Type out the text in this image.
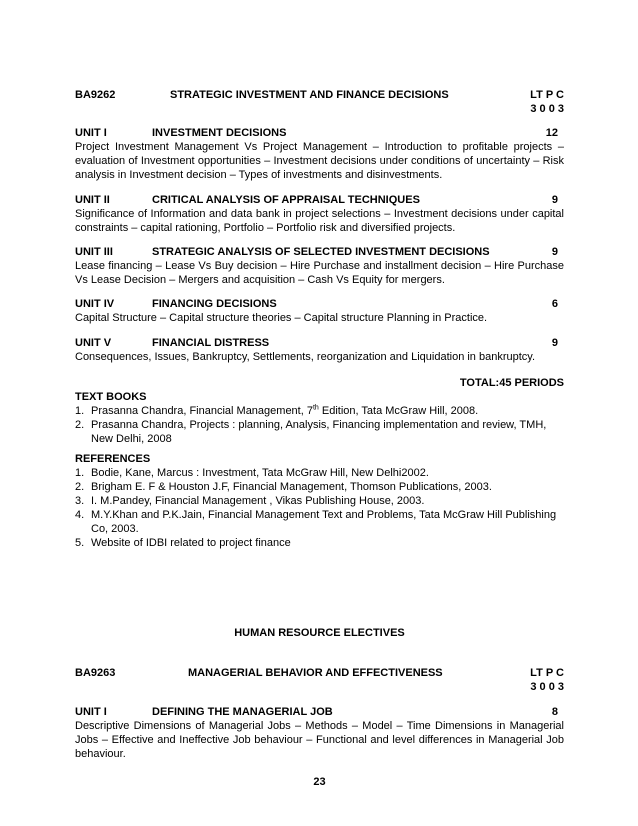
BA9262	STRATEGIC INVESTMENT AND FINANCE DECISIONS	LT P C
3 0 0 3
UNIT I	INVESTMENT DECISIONS	12

Project Investment Management Vs Project Management – Introduction to profitable projects – evaluation of Investment opportunities – Investment decisions under conditions of uncertainty – Risk analysis in Investment decision – Types of investments and disinvestments.

UNIT II	CRITICAL ANALYSIS OF APPRAISAL TECHNIQUES	9

Significance of Information and data bank in project selections – Investment decisions under capital constraints – capital rationing, Portfolio – Portfolio risk and diversified projects.

UNIT III	STRATEGIC ANALYSIS OF SELECTED INVESTMENT DECISIONS	9

Lease financing – Lease Vs Buy decision – Hire Purchase and installment decision – Hire Purchase Vs Lease Decision – Mergers and acquisition – Cash Vs Equity for mergers.

UNIT IV	FINANCING DECISIONS	6

Capital Structure – Capital structure theories – Capital structure Planning in Practice.

UNIT V	FINANCIAL DISTRESS	9

Consequences, Issues, Bankruptcy, Settlements, reorganization and Liquidation in bankruptcy.

TOTAL:45 PERIODS

TEXT BOOKS

1. Prasanna Chandra, Financial Management, 7th Edition, Tata McGraw Hill, 2008.
2. Prasanna Chandra, Projects : planning, Analysis, Financing implementation and review, TMH, New Delhi, 2008

REFERENCES

1. Bodie, Kane, Marcus : Investment, Tata McGraw Hill, New Delhi2002.
2. Brigham E. F & Houston J.F, Financial Management, Thomson Publications, 2003.
3. I. M.Pandey, Financial Management , Vikas Publishing House, 2003.
4. M.Y.Khan and P.K.Jain, Financial Management Text and Problems, Tata McGraw Hill Publishing Co, 2003.
5. Website of IDBI related to project finance
HUMAN RESOURCE ELECTIVES
BA9263	MANAGERIAL BEHAVIOR AND EFFECTIVENESS	LT P C
3 0 0 3
UNIT I	DEFINING THE MANAGERIAL JOB	8

Descriptive Dimensions of Managerial Jobs – Methods – Model – Time Dimensions in Managerial Jobs – Effective and Ineffective Job behaviour – Functional and level differences in Managerial Job behaviour.

23
